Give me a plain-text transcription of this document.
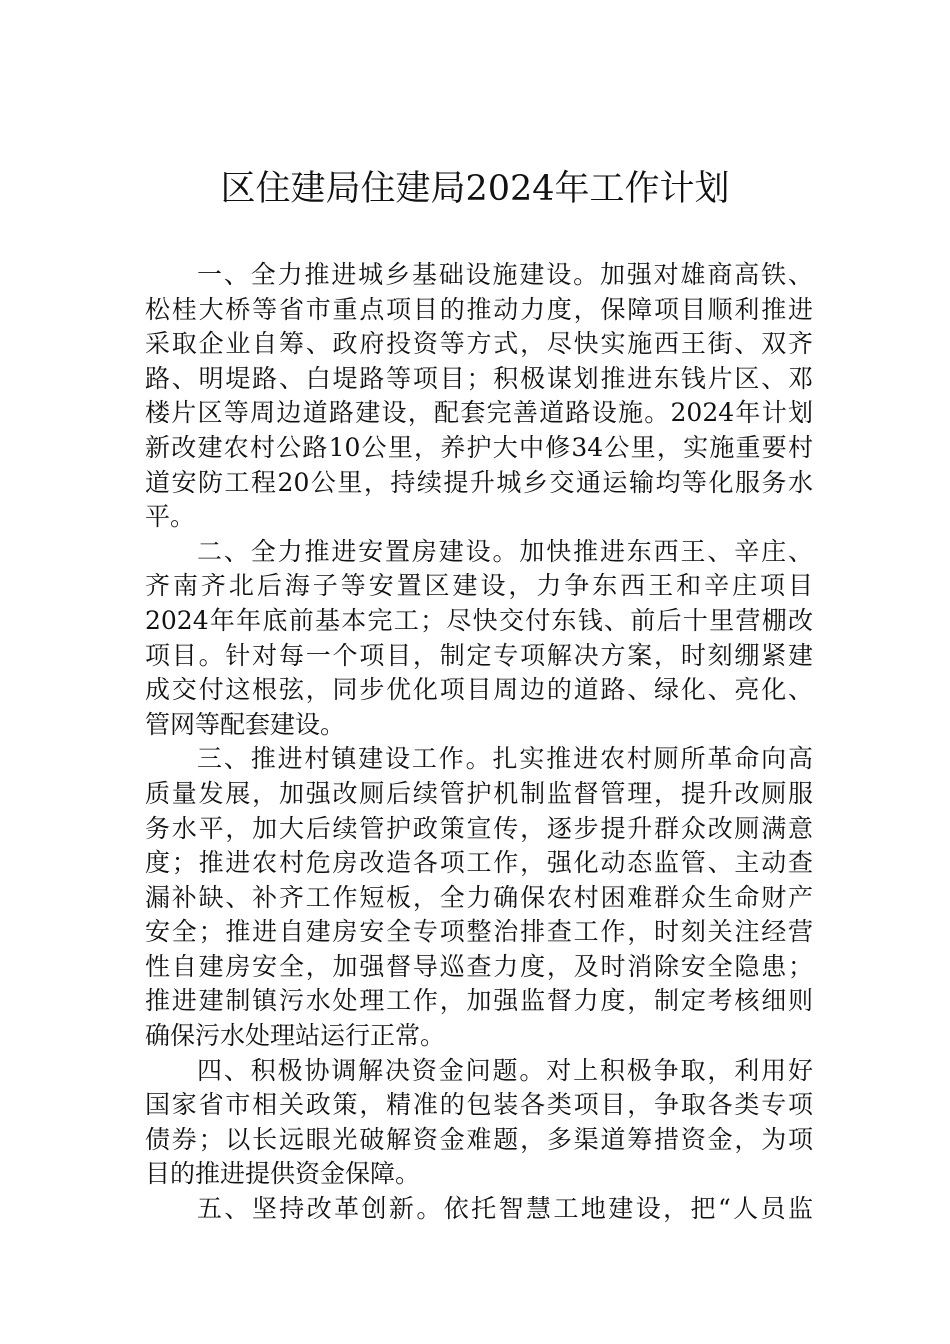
区住建局住建局2024年工作计划
一、全力推进城乡基础设施建设。加强对雄商高铁、
松桂大桥等省市重点项目的推动力度，保障项目顺利推进
采取企业自筹、政府投资等方式，尽快实施西王街、双齐
路、明堤路、白堤路等项目；积极谋划推进东钱片区、邓
楼片区等周边道路建设，配套完善道路设施。2024年计划
新改建农村公路10公里，养护大中修34公里，实施重要村
道安防工程20公里，持续提升城乡交通运输均等化服务水
平。
二、全力推进安置房建设。加快推进东西王、辛庄、
齐南齐北后海子等安置区建设，力争东西王和辛庄项目
2024年年底前基本完工；尽快交付东钱、前后十里营棚改
项目。针对每一个项目，制定专项解决方案，时刻绷紧建
成交付这根弦，同步优化项目周边的道路、绿化、亮化、
管网等配套建设。
三、推进村镇建设工作。扎实推进农村厕所革命向高
质量发展，加强改厕后续管护机制监督管理，提升改厕服
务水平，加大后续管护政策宣传，逐步提升群众改厕满意
度；推进农村危房改造各项工作，强化动态监管、主动查
漏补缺、补齐工作短板，全力确保农村困难群众生命财产
安全；推进自建房安全专项整治排查工作，时刻关注经营
性自建房安全，加强督导巡查力度，及时消除安全隐患；
推进建制镇污水处理工作，加强监督力度，制定考核细则
确保污水处理站运行正常。
四、积极协调解决资金问题。对上积极争取，利用好
国家省市相关政策，精准的包装各类项目，争取各类专项
债券；以长远眼光破解资金难题，多渠道筹措资金，为项
目的推进提供资金保障。
五、坚持改革创新。依托智慧工地建设，把“人员监
